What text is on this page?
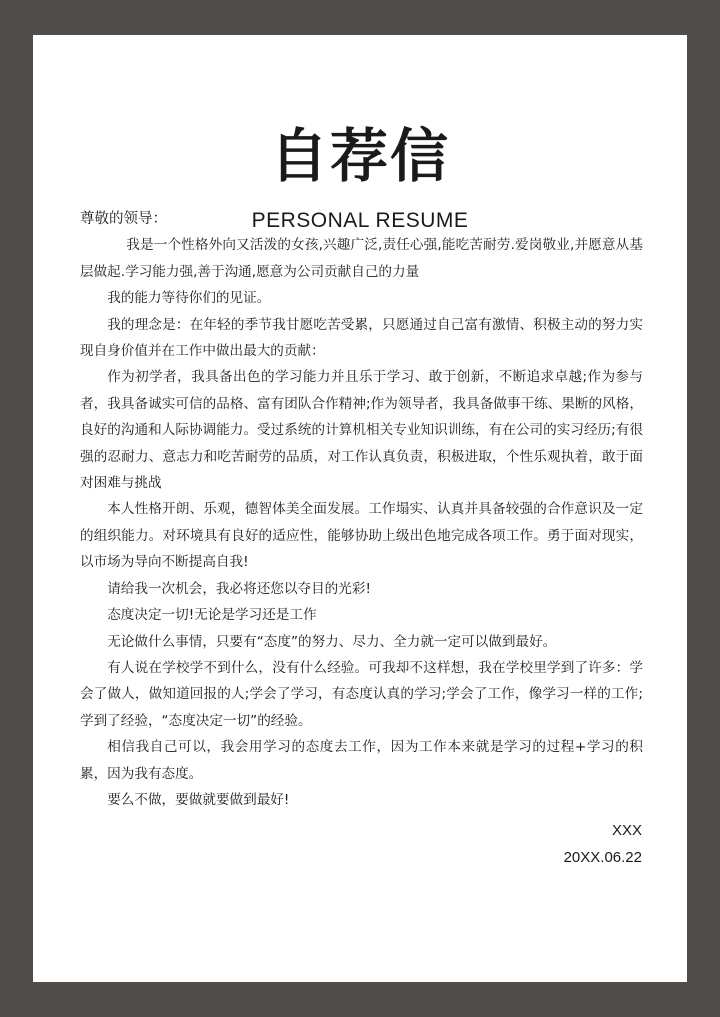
自荐信
PERSONAL RESUME

尊敬的领导：

我是一个性格外向又活泼的女孩,兴趣广泛,责任心强,能吃苦耐劳.爱岗敬业,并愿意从基层做起.学习能力强,善于沟通,愿意为公司贡献自己的力量

我的能力等待你们的见证。

我的理念是：在年轻的季节我甘愿吃苦受累，只愿通过自己富有激情、积极主动的努力实现自身价值并在工作中做出最大的贡献：

作为初学者，我具备出色的学习能力并且乐于学习、敢于创新，不断追求卓越;作为参与者，我具备诚实可信的品格、富有团队合作精神;作为领导者，我具备做事干练、果断的风格，良好的沟通和人际协调能力。受过系统的计算机相关专业知识训练，有在公司的实习经历;有很强的忍耐力、意志力和吃苦耐劳的品质，对工作认真负责，积极进取，个性乐观执着，敢于面对困难与挑战

本人性格开朗、乐观，德智体美全面发展。工作塌实、认真并具备较强的合作意识及一定的组织能力。对环境具有良好的适应性，能够协助上级出色地完成各项工作。勇于面对现实，以市场为导向不断提高自我!

请给我一次机会，我必将还您以夺目的光彩!

态度决定一切!无论是学习还是工作

无论做什么事情，只要有“态度”的努力、尽力、全力就一定可以做到最好。

有人说在学校学不到什么，没有什么经验。可我却不这样想，我在学校里学到了许多：学会了做人，做知道回报的人;学会了学习，有态度认真的学习;学会了工作，像学习一样的工作;学到了经验，“态度决定一切”的经验。

相信我自己可以，我会用学习的态度去工作，因为工作本来就是学习的过程+学习的积累，因为我有态度。

要么不做，要做就要做到最好!

XXX
20XX.06.22
